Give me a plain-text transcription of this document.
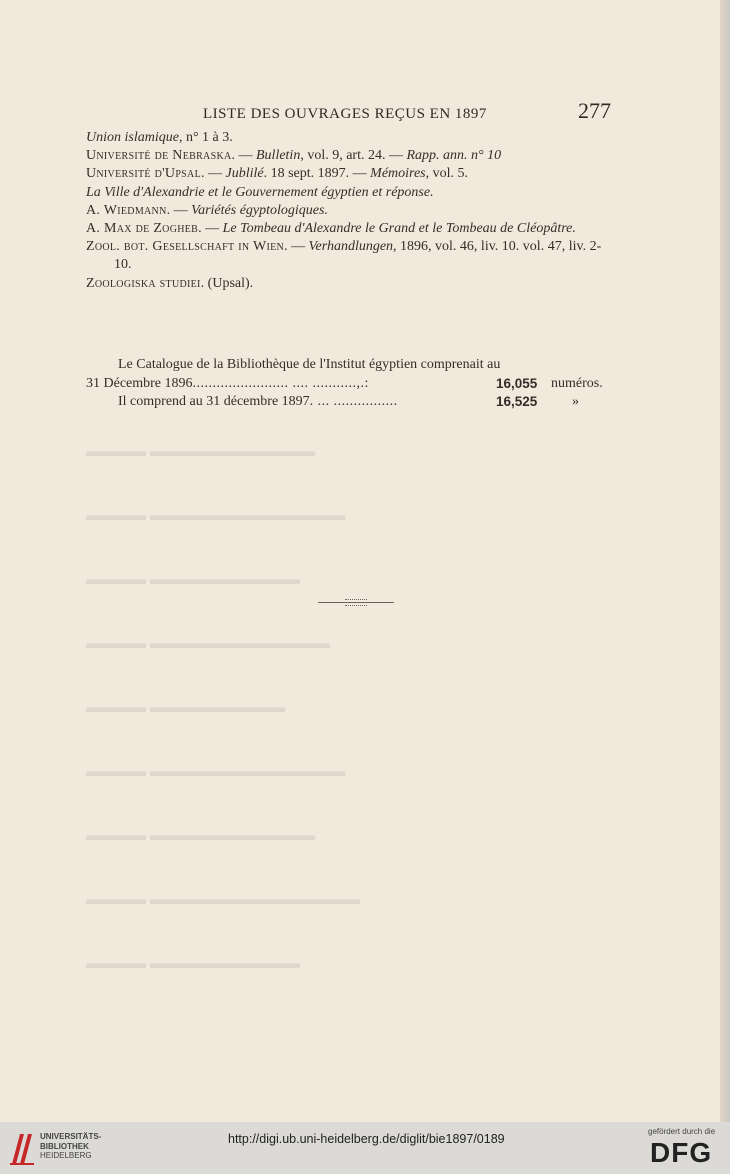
LISTE DES OUVRAGES REÇUS EN 1897	277

Union islamique, n° 1 à 3.

Université de Nebraska. — Bulletin, vol. 9, art. 24. — Rapp. ann. n° 10

Université d'Upsal. — Jublilé. 18 sept. 1897. — Mémoires, vol. 5.

La Ville d'Alexandrie et le Gouvernement égyptien et réponse.

A. Wiedmann. — Variétés égyptologiques.

A. Max de Zogheb. — Le Tombeau d'Alexandre le Grand et le Tombeau de Cléopâtre.

Zool. bot. Gesellschaft in Wien. — Verhandlungen, 1896, vol. 46, liv. 10. vol. 47, liv. 2-10.

Zoologiska studiei. (Upsal).

Le Catalogue de la Bibliothèque de l'Institut égyptien comprenait au
31 Décembre 1896........................ .... ...........,.:	16,055 numéros.
Il comprend au 31 décembre 1897. ... ................	16,525 »
▬▬▬▬ ▬▬▬▬▬▬▬▬▬▬▬
▬▬▬▬ ▬▬▬▬▬▬▬▬▬▬▬▬▬
▬▬▬▬ ▬▬▬▬▬▬▬▬▬▬
▬▬▬▬ ▬▬▬▬▬▬▬▬▬▬▬▬
▬▬▬▬ ▬▬▬▬▬▬▬▬▬
▬▬▬▬ ▬▬▬▬▬▬▬▬▬▬▬▬▬
▬▬▬▬ ▬▬▬▬▬▬▬▬▬▬▬
▬▬▬▬ ▬▬▬▬▬▬▬▬▬▬▬▬▬▬
▬▬▬▬ ▬▬▬▬▬▬▬▬▬▬
UNIVERSITÄTS-
BIBLIOTHEK
HEIDELBERG
http://digi.ub.uni-heidelberg.de/diglit/bie1897/0189
gefördert durch die
DFG
